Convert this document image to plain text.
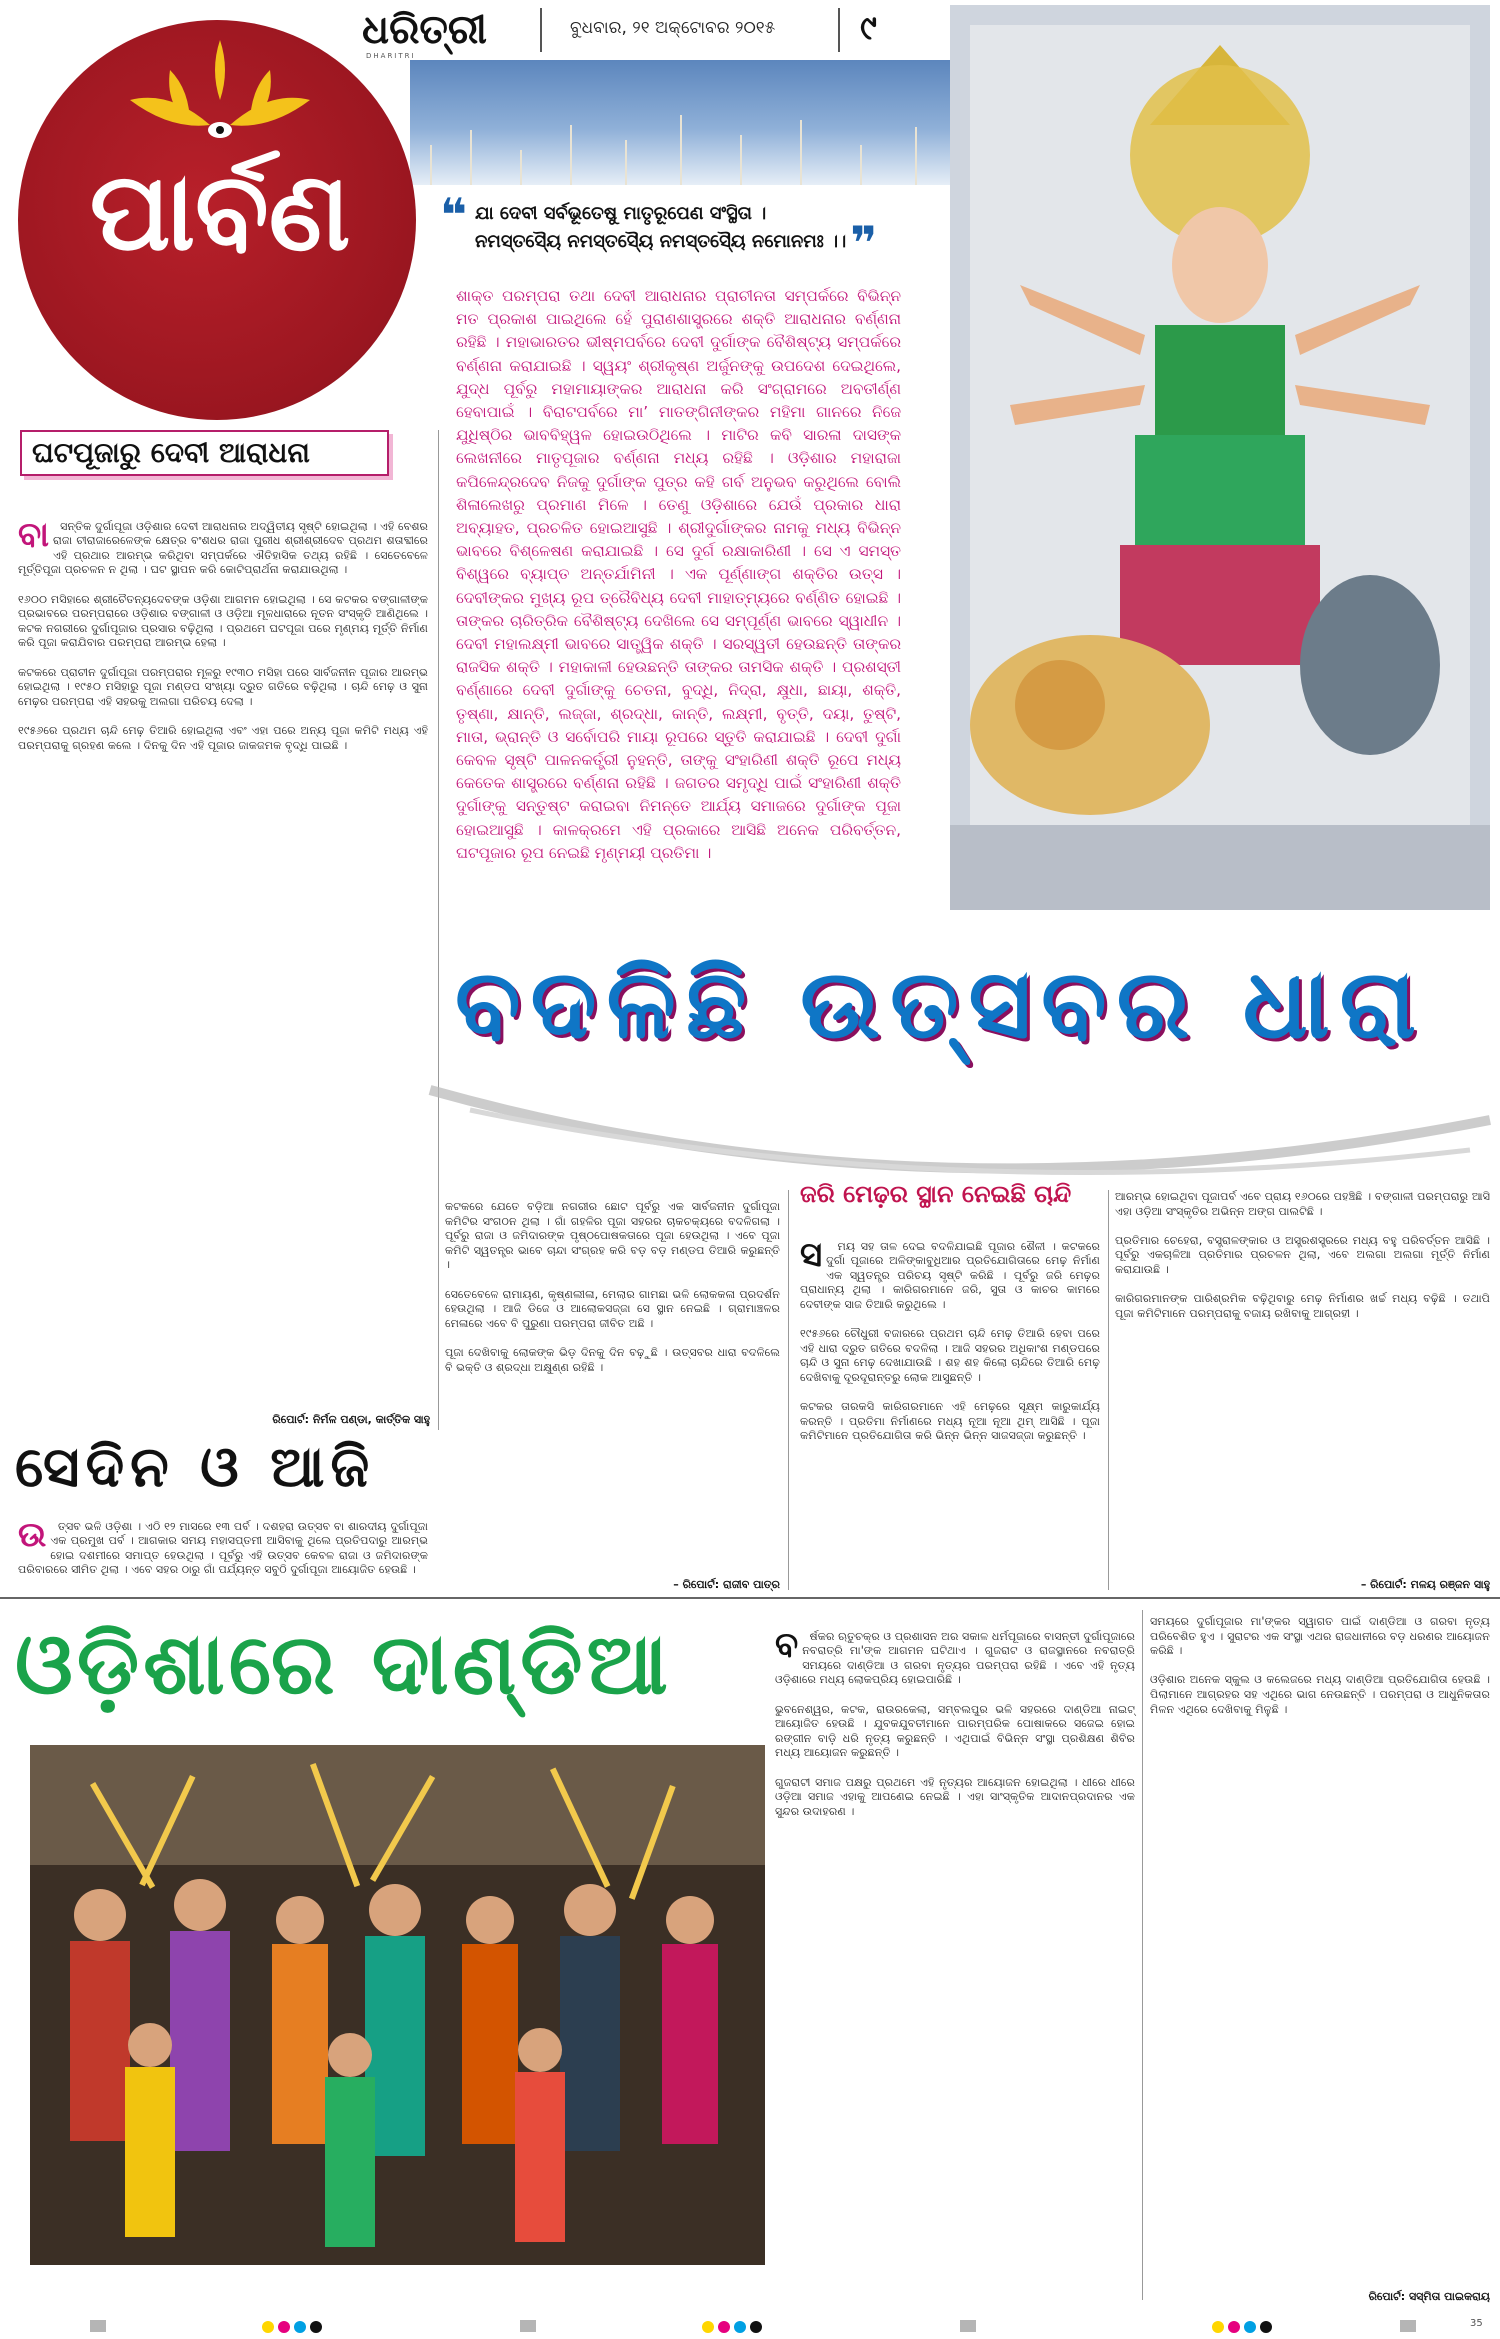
ଧରିତ୍ରୀ
DHARITRI
ବୁଧବାର, ୨୧ ଅକ୍ଟୋବର ୨୦୧୫ ୯
ପାର୍ବଣ	❝ ଯା ଦେବୀ ସର୍ବଭୂତେଷୁ ମାତୃରୂପେଣ ସଂସ୍ଥିତା ।
ନମସ୍ତସ୍ୟୈ ନମସ୍ତସ୍ୟୈ ନମସ୍ତସ୍ୟୈ ନମୋନମଃ ।। ❞
ଶାକ୍ତ ପରମ୍ପରା ତଥା ଦେବୀ ଆରାଧନାର ପ୍ରାଚୀନତା ସମ୍ପର୍କରେ ବିଭିନ୍ନ ମତ ପ୍ରକାଶ ପାଇଥିଲେ ହେଁ ପୁରାଣଶାସ୍ତ୍ରରେ ଶକ୍ତି ଆରାଧନାର ବର୍ଣ୍ଣନା ରହିଛି । ମହାଭାରତର ଭୀଷ୍ମପର୍ବରେ ଦେବୀ ଦୁର୍ଗାଙ୍କ ବୈଶିଷ୍ଟ୍ୟ ସମ୍ପର୍କରେ ବର୍ଣ୍ଣନା କରାଯାଇଛି । ସ୍ୱୟଂ ଶ୍ରୀକୃଷ୍ଣ ଅର୍ଜୁନଙ୍କୁ ଉପଦେଶ ଦେଇଥିଲେ, ଯୁଦ୍ଧ ପୂର୍ବରୁ ମହାମାୟାଙ୍କର ଆରାଧନା କରି ସଂଗ୍ରାମରେ ଅବତୀର୍ଣ୍ଣ ହେବାପାଇଁ । ବିରାଟପର୍ବରେ ମା’ ମାତଙ୍ଗିନୀଙ୍କର ମହିମା ଗାନରେ ନିଜେ ଯୁଧିଷ୍ଠିର ଭାବବିହ୍ୱଳ ହୋଇଉଠିଥିଲେ । ମାଟିର କବି ସାରଳା ଦାସଙ୍କ ଲେଖନୀରେ ମାତୃପୂଜାର ବର୍ଣ୍ଣନା ମଧ୍ୟ ରହିଛି । ଓଡ଼ିଶାର ମହାରାଜା କପିଳେନ୍ଦ୍ରଦେବ ନିଜକୁ ଦୁର୍ଗାଙ୍କ ପୁତ୍ର କହି ଗର୍ବ ଅନୁଭବ କରୁଥିଲେ ବୋଲି ଶିଳାଲେଖରୁ ପ୍ରମାଣ ମିଳେ । ତେଣୁ ଓଡ଼ିଶାରେ ଯେଉଁ ପ୍ରକାର ଧାରା ଅବ୍ୟାହତ, ପ୍ରଚଳିତ ହୋଇଆସୁଛି । ଶ୍ରୀଦୁର୍ଗାଙ୍କର ନାମକୁ ମଧ୍ୟ ବିଭିନ୍ନ ଭାବରେ ବିଶ୍ଳେଷଣ କରାଯାଇଛି । ସେ ଦୁର୍ଗ ରକ୍ଷାକାରିଣୀ । ସେ ଏ ସମସ୍ତ ବିଶ୍ୱରେ ବ୍ୟାପ୍ତ ଅନ୍ତର୍ଯାମିନୀ । ଏକ ପୂର୍ଣ୍ଣାଙ୍ଗ ଶକ୍ତିର ଉତ୍ସ । ଦେବୀଙ୍କର ମୁଖ୍ୟ ରୂପ ତ୍ରୈବିଧ୍ୟ ଦେବୀ ମାହାତ୍ମ୍ୟରେ ବର୍ଣ୍ଣିତ ହୋଇଛି । ତାଙ୍କର ଚାରିତ୍ରିକ ବୈଶିଷ୍ଟ୍ୟ ଦେଖିଲେ ସେ ସମ୍ପୂର୍ଣ୍ଣ ଭାବରେ ସ୍ୱାଧୀନ । ଦେବୀ ମହାଲକ୍ଷ୍ମୀ ଭାବରେ ସାତ୍ତ୍ୱିକ ଶକ୍ତି । ସରସ୍ୱତୀ ହେଉଛନ୍ତି ତାଙ୍କର ରାଜସିକ ଶକ୍ତି । ମହାକାଳୀ ହେଉଛନ୍ତି ତାଙ୍କର ତାମସିକ ଶକ୍ତି । ପ୍ରଶସ୍ତୀ ବର୍ଣ୍ଣାରେ ଦେବୀ ଦୁର୍ଗାଙ୍କୁ ଚେତନା, ବୁଦ୍ଧି, ନିଦ୍ରା, କ୍ଷୁଧା, ଛାୟା, ଶକ୍ତି, ତୃଷ୍ଣା, କ୍ଷାନ୍ତି, ଲଜ୍ଜା, ଶ୍ରଦ୍ଧା, କାନ୍ତି, ଲକ୍ଷ୍ମୀ, ବୃତ୍ତି, ଦୟା, ତୁଷ୍ଟି, ମାତା, ଭ୍ରାନ୍ତି ଓ ସର୍ବୋପରି ମାୟା ରୂପରେ ସ୍ତୁତି କରାଯାଇଛି । ଦେବୀ ଦୁର୍ଗା କେବଳ ସୃଷ୍ଟି ପାଳନକର୍ତ୍ତ୍ରୀ ନୁହନ୍ତି, ତାଙ୍କୁ ସଂହାରିଣୀ ଶକ୍ତି ରୂପେ ମଧ୍ୟ କେତେକ ଶାସ୍ତ୍ରରେ ବର୍ଣ୍ଣନା ରହିଛି । ଜଗତର ସମୃଦ୍ଧି ପାଇଁ ସଂହାରିଣୀ ଶକ୍ତି ଦୁର୍ଗାଙ୍କୁ ସନ୍ତୁଷ୍ଟ କରାଇବା ନିମନ୍ତେ ଆର୍ଯ୍ୟ ସମାଜରେ ଦୁର୍ଗାଙ୍କ ପୂଜା ହୋଇଆସୁଛି । କାଳକ୍ରମେ ଏହି ପ୍ରକାରେ ଆସିଛି ଅନେକ ପରିବର୍ତ୍ତନ, ଘଟପୂଜାର ରୂପ ନେଇଛି ମୃଣ୍ମୟୀ ପ୍ରତିମା ।
ଘଟପୂଜାରୁ ଦେବୀ ଆରାଧନା

ବା ସନ୍ତିକ ଦୁର୍ଗାପୂଜା ଓଡ଼ିଶାର ଦେବୀ ଆରାଧନାର ଅଦ୍ୱିତୀୟ ସୃଷ୍ଟି ହୋଇଥିଲା । ଏହି ବେଶର ରାଜା ଚୀରାଜାରେଳେଙ୍କ କ୍ଷେତ୍ର ବଂଶଧର ରାଜା ପୁରୀଧ ଶ୍ରୀଶ୍ରୀଦେବ ପ୍ରଥମ ଶତାବ୍ଦୀରେ ଏହି ପ୍ରଥାର ଆରମ୍ଭ କରିଥିବା ସମ୍ପର୍କରେ ଐତିହାସିକ ତଥ୍ୟ ରହିଛି । ସେତେବେଳେ ମୂର୍ତ୍ତିପୂଜା ପ୍ରଚଳନ ନ ଥିଲା । ଘଟ ସ୍ଥାପନ କରି କୋଟିପ୍ରାର୍ଥନା କରାଯାଉଥିଲା ।

୧୬୦୦ ମସିହାରେ ଶ୍ରୀଚୈତନ୍ୟଦେବଙ୍କ ଓଡ଼ିଶା ଆଗମନ ହୋଇଥିଲା । ସେ କଟକର ବଙ୍ଗାଳୀଙ୍କ ପ୍ରଭାବରେ ପରମ୍ପରାରେ ଓଡ଼ିଶାର ବଙ୍ଗାଳୀ ଓ ଓଡ଼ିଆ ମୂଳଧାରାରେ ନୂତନ ସଂସ୍କୃତି ଆଣିଥିଲେ । କଟକ ନଗରୀରେ ଦୁର୍ଗାପୂଜାର ପ୍ରସାର ବଢ଼ିଥିଲା । ପ୍ରଥମେ ଘଟପୂଜା ପରେ ମୃଣ୍ମୟ ମୂର୍ତ୍ତି ନିର୍ମାଣ କରି ପୂଜା କରାଯିବାର ପରମ୍ପରା ଆରମ୍ଭ ହେଲା ।

କଟକରେ ପ୍ରାଚୀନ ଦୁର୍ଗାପୂଜା ପରମ୍ପରାର ମୂଳରୁ ୧୯୩୦ ମସିହା ପରେ ସାର୍ବଜନୀନ ପୂଜାର ଆରମ୍ଭ ହୋଇଥିଲା । ୧୯୫୦ ମସିହାରୁ ପୂଜା ମଣ୍ଡପ ସଂଖ୍ୟା ଦ୍ରୁତ ଗତିରେ ବଢ଼ିଥିଲା । ଚାନ୍ଦି ମେଢ଼ ଓ ସୁନା ମେଢ଼ର ପରମ୍ପରା ଏହି ସହରକୁ ଅଲଗା ପରିଚୟ ଦେଲା ।

୧୯୫୬ରେ ପ୍ରଥମ ଚାନ୍ଦି ମେଢ଼ ତିଆରି ହୋଇଥିଲା ଏବଂ ଏହା ପରେ ଅନ୍ୟ ପୂଜା କମିଟି ମଧ୍ୟ ଏହି ପରମ୍ପରାକୁ ଗ୍ରହଣ କଲେ । ଦିନକୁ ଦିନ ଏହି ପୂଜାର ଜାକଜମକ ବୃଦ୍ଧି ପାଇଛି ।

ରିପୋର୍ଟ: ନିର୍ମଳ ପଣ୍ଡା, କାର୍ତ୍ତିକ ସାହୁ
ବଦଳିଛି ଉତ୍ସବର ଧାରା
କଟକରେ ଯେତେ ବଡ଼ିଆ ନଗରୀର ଛୋଟ ପୂର୍ବରୁ ଏକ ସାର୍ବଜନୀନ ଦୁର୍ଗାପୂଜା କମିଟିର ସଂଗଠନ ଥିଲା । ଗାଁ ଗହଳିର ପୂଜା ସହରର ଚାକଚକ୍ୟରେ ବଦଳିଗଲା । ପୂର୍ବରୁ ରାଜା ଓ ଜମିଦାରଙ୍କ ପୃଷ୍ଠପୋଷକତାରେ ପୂଜା ହେଉଥିଲା । ଏବେ ପୂଜା କମିଟି ସ୍ୱତନ୍ତ୍ର ଭାବେ ଚାନ୍ଦା ସଂଗ୍ରହ କରି ବଡ଼ ବଡ଼ ମଣ୍ଡପ ତିଆରି କରୁଛନ୍ତି ।

ସେତେବେଳେ ରାମାୟଣ, କୃଷ୍ଣଲୀଳା, ମେଲାର ଗାମଛା ଭଳି ଲୋକକଳା ପ୍ରଦର୍ଶନ ହେଉଥିଲା । ଆଜି ଡିଜେ ଓ ଆଲୋକସଜ୍ଜା ସେ ସ୍ଥାନ ନେଇଛି । ଗ୍ରାମାଞ୍ଚଳର ମେଳାରେ ଏବେ ବି ପୁରୁଣା ପରମ୍ପରା ଜୀବିତ ଅଛି ।

ପୂଜା ଦେଖିବାକୁ ଲୋକଙ୍କ ଭିଡ଼ ଦିନକୁ ଦିନ ବଢ଼ୁଛି । ଉତ୍ସବର ଧାରା ବଦଳିଲେ ବି ଭକ୍ତି ଓ ଶ୍ରଦ୍ଧା ଅକ୍ଷୁଣ୍ଣ ରହିଛି ।
– ରିପୋର୍ଟ: ରାଜୀବ ପାତ୍ର
ଜରି ମେଢ଼ର ସ୍ଥାନ ନେଇଛି ଚାନ୍ଦି

ସ ମୟ ସହ ତାଳ ଦେଇ ବଦଳିଯାଇଛି ପୂଜାର ଶୈଳୀ । କଟକରେ ଦୁର୍ଗା ପୂଜାରେ ଅଳିଙ୍କାବୁଧିଆର ପ୍ରତିଯୋଗିତାରେ ମେଢ଼ ନିର୍ମାଣ ଏକ ସ୍ୱତନ୍ତ୍ର ପରିଚୟ ସୃଷ୍ଟି କରିଛି । ପୂର୍ବରୁ ଜରି ମେଢ଼ର ପ୍ରାଧାନ୍ୟ ଥିଲା । କାରିଗରମାନେ ଜରି, ସୁତା ଓ କାଚର କାମରେ ଦେବୀଙ୍କ ସାଜ ତିଆରି କରୁଥିଲେ ।

୧୯୫୬ରେ ଚୌଧୁରୀ ବଜାରରେ ପ୍ରଥମ ଚାନ୍ଦି ମେଢ଼ ତିଆରି ହେବା ପରେ ଏହି ଧାରା ଦ୍ରୁତ ଗତିରେ ବଦଳିଲା । ଆଜି ସହରର ଅଧିକାଂଶ ମଣ୍ଡପରେ ଚାନ୍ଦି ଓ ସୁନା ମେଢ଼ ଦେଖାଯାଉଛି । ଶହ ଶହ କିଲୋ ଚାନ୍ଦିରେ ତିଆରି ମେଢ଼ ଦେଖିବାକୁ ଦୂରଦୂରାନ୍ତରୁ ଲୋକ ଆସୁଛନ୍ତି ।

କଟକର ତାରକସି କାରିଗରମାନେ ଏହି ମେଢ଼ରେ ସୂକ୍ଷ୍ମ କାରୁକାର୍ଯ୍ୟ କରନ୍ତି । ପ୍ରତିମା ନିର୍ମାଣରେ ମଧ୍ୟ ନୂଆ ନୂଆ ଥିମ୍ ଆସିଛି । ପୂଜା କମିଟିମାନେ ପ୍ରତିଯୋଗିତା କରି ଭିନ୍ନ ଭିନ୍ନ ସାଜସଜ୍ଜା କରୁଛନ୍ତି ।

ଆରମ୍ଭ ହୋଇଥିବା ପୂଜାପର୍ବ ଏବେ ପ୍ରାୟ ୧୬୦ରେ ପହଞ୍ଚିଛି । ବଙ୍ଗାଳୀ ପରମ୍ପରାରୁ ଆସି ଏହା ଓଡ଼ିଆ ସଂସ୍କୃତିର ଅଭିନ୍ନ ଅଙ୍ଗ ପାଲଟିଛି ।

ପ୍ରତିମାର ଚେହେରା, ବସ୍ତ୍ରାଳଙ୍କାର ଓ ଅସ୍ତ୍ରଶସ୍ତ୍ରରେ ମଧ୍ୟ ବହୁ ପରିବର୍ତ୍ତନ ଆସିଛି । ପୂର୍ବରୁ ଏକଚାଳିଆ ପ୍ରତିମାର ପ୍ରଚଳନ ଥିଲା, ଏବେ ଅଲଗା ଅଲଗା ମୂର୍ତ୍ତି ନିର୍ମାଣ କରାଯାଉଛି ।

କାରିଗରମାନଙ୍କ ପାରିଶ୍ରମିକ ବଢ଼ିଥିବାରୁ ମେଢ଼ ନିର୍ମାଣର ଖର୍ଚ୍ଚ ମଧ୍ୟ ବଢ଼ିଛି । ତଥାପି ପୂଜା କମିଟିମାନେ ପରମ୍ପରାକୁ ବଜାୟ ରଖିବାକୁ ଆଗ୍ରହୀ ।
– ରିପୋର୍ଟ: ମଳୟ ରଞ୍ଜନ ସାହୁ
ସେଦିନ ଓ ଆଜି

ଉ ତ୍ସବ ଭଳି ଓଡ଼ିଶା । ଏଠି ୧୨ ମାସରେ ୧୩ ପର୍ବ । ଦଶହରା ଉତ୍ସବ ବା ଶାରଦୀୟ ଦୁର୍ଗାପୂଜା ଏକ ପ୍ରମୁଖ ପର୍ବ । ଆଗକାର ସମୟ ମହାସପ୍ତମୀ ଆସିବାକୁ ଥିଲେ ପ୍ରତିପଦାରୁ ଆରମ୍ଭ ହୋଇ ଦଶମୀରେ ସମାପ୍ତ ହେଉଥିଲା । ପୂର୍ବରୁ ଏହି ଉତ୍ସବ କେବଳ ରାଜା ଓ ଜମିଦାରଙ୍କ ପରିବାରରେ ସୀମିତ ଥିଲା । ଏବେ ସହର ଠାରୁ ଗାଁ ପର୍ଯ୍ୟନ୍ତ ସବୁଠି ଦୁର୍ଗାପୂଜା ଆୟୋଜିତ ହେଉଛି ।

ଓଡ଼ିଶାରେ ଦାଣ୍ଡିଆ

	ବ ର୍ଷକର ଋତୁଚକ୍ର ଓ ପ୍ରଶାସନ ଅର ସକାଳ ଧର୍ମପୂଜାରେ ବାସନ୍ତୀ ଦୁର୍ଗାପୂଜାରେ ନବରାତ୍ରି ମା'ଙ୍କ ଆଗମନ ଘଟିଥାଏ । ଗୁଜରାଟ ଓ ରାଜସ୍ଥାନରେ ନବରାତ୍ରି ସମୟରେ ଦାଣ୍ଡିଆ ଓ ଗରବା ନୃତ୍ୟର ପରମ୍ପରା ରହିଛି । ଏବେ ଏହି ନୃତ୍ୟ ଓଡ଼ିଶାରେ ମଧ୍ୟ ଲୋକପ୍ରିୟ ହୋଇପାରିଛି ।

ଭୁବନେଶ୍ୱର, କଟକ, ରାଉରକେଲା, ସମ୍ବଲପୁର ଭଳି ସହରରେ ଦାଣ୍ଡିଆ ନାଇଟ୍ ଆୟୋଜିତ ହେଉଛି । ଯୁବକଯୁବତୀମାନେ ପାରମ୍ପରିକ ପୋଷାକରେ ସଜେଇ ହୋଇ ରଙ୍ଗୀନ ବାଡ଼ି ଧରି ନୃତ୍ୟ କରୁଛନ୍ତି । ଏଥିପାଇଁ ବିଭିନ୍ନ ସଂସ୍ଥା ପ୍ରଶିକ୍ଷଣ ଶିବିର ମଧ୍ୟ ଆୟୋଜନ କରୁଛନ୍ତି ।

ଗୁଜରାଟୀ ସମାଜ ପକ୍ଷରୁ ପ୍ରଥମେ ଏହି ନୃତ୍ୟର ଆୟୋଜନ ହୋଇଥିଲା । ଧୀରେ ଧୀରେ ଓଡ଼ିଆ ସମାଜ ଏହାକୁ ଆପଣେଇ ନେଇଛି । ଏହା ସାଂସ୍କୃତିକ ଆଦାନପ୍ରଦାନର ଏକ ସୁନ୍ଦର ଉଦାହରଣ ।

ସମୟରେ ଦୁର୍ଗାପୂଜାର ମା'ଙ୍କର ସ୍ୱାଗତ ପାଇଁ ଦାଣ୍ଡିଆ ଓ ଗରବା ନୃତ୍ୟ ପରିବେଶିତ ହୁଏ । ସୁରାଟର ଏକ ସଂସ୍ଥା ଏଥର ରାଜଧାନୀରେ ବଡ଼ ଧରଣର ଆୟୋଜନ କରିଛି ।

ଓଡ଼ିଶାର ଅନେକ ସ୍କୁଲ ଓ କଲେଜରେ ମଧ୍ୟ ଦାଣ୍ଡିଆ ପ୍ରତିଯୋଗିତା ହେଉଛି । ପିଲାମାନେ ଆଗ୍ରହର ସହ ଏଥିରେ ଭାଗ ନେଉଛନ୍ତି । ପରମ୍ପରା ଓ ଆଧୁନିକତାର ମିଳନ ଏଥିରେ ଦେଖିବାକୁ ମିଳୁଛି ।
ରିପୋର୍ଟ: ସସ୍ମିତା ପାଇକରାୟ
35
